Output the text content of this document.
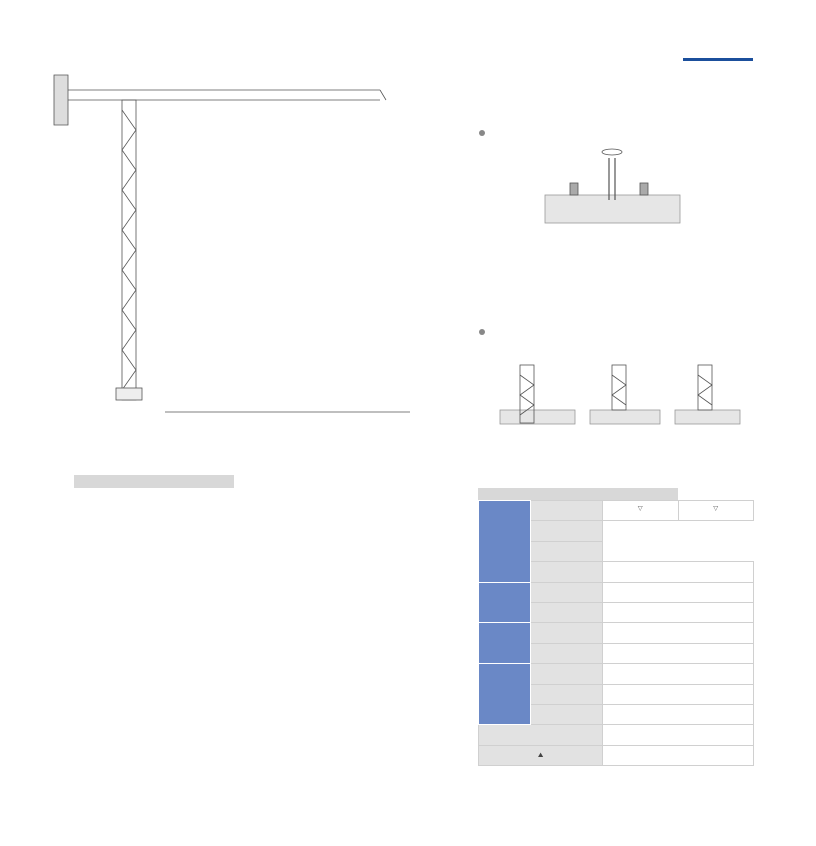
		▽	▽

⛰			
